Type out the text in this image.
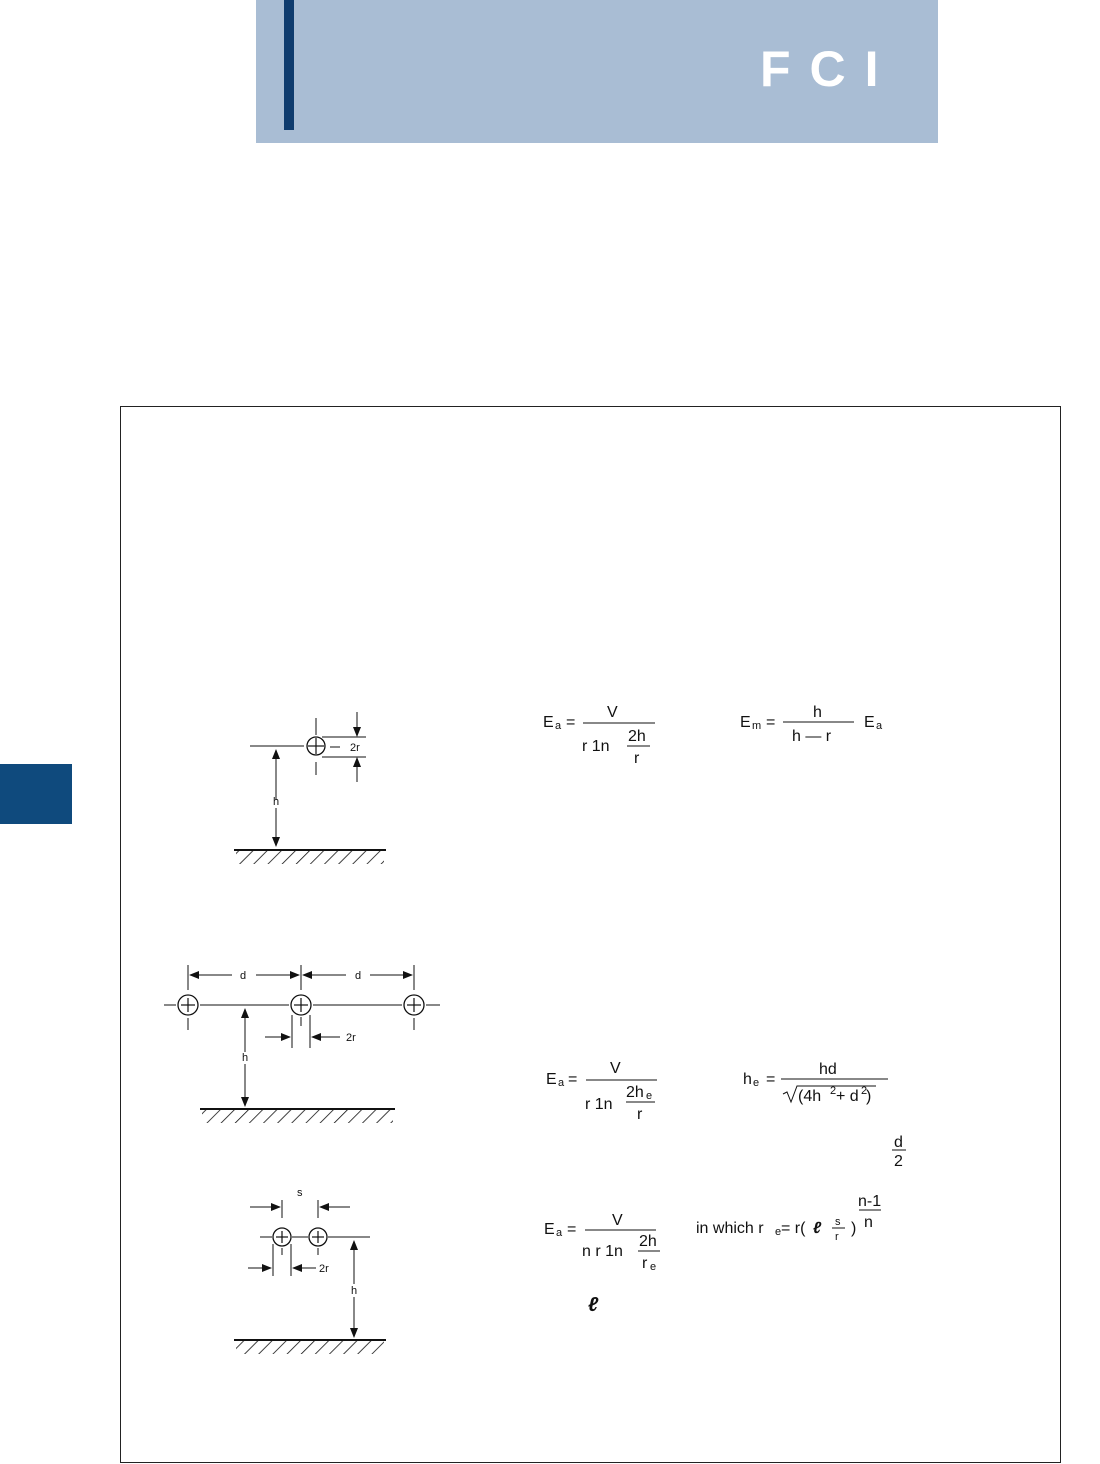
FCI
2r
h
E a =
V
r 1n
2h
r
E m =
h
h — r
E a
d	d
2r
h
E a =
V
r 1n
2h e
r
h e =
hd
(4h 2 + d 2
)
d
2
s
2r
h
E a =
V
n r 1n
2h
r e
in which r e = r( ℓ s
r )
n-1
n
ℓ
